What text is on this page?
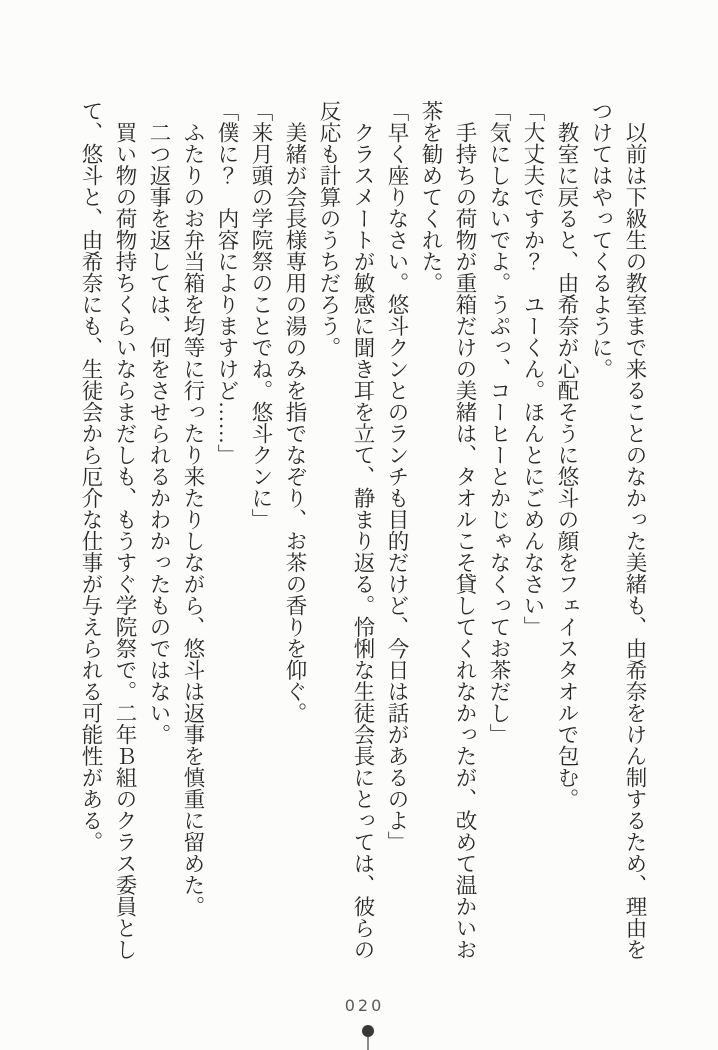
　以前は下級生の教室まで来ることのなかった美緒も、由希奈をけん制するため、理由を

つけてはやってくるように。

　教室に戻ると、由希奈が心配そうに悠斗の顔をフェイスタオルで包む。

「大丈夫ですか？　ユーくん。ほんとにごめんなさい」

「気にしないでよ。うぷっ、コーヒーとかじゃなくってお茶だし」

　手持ちの荷物が重箱だけの美緒は、タオルこそ貸してくれなかったが、改めて温かいお

茶を勧めてくれた。

「早く座りなさい。悠斗クンとのランチも目的だけど、今日は話があるのよ」

　クラスメートが敏感に聞き耳を立て、静まり返る。怜悧な生徒会長にとっては、彼らの

反応も計算のうちだろう。

　美緒が会長様専用の湯のみを指でなぞり、お茶の香りを仰ぐ。

「来月頭の学院祭のことでね。悠斗クンに」

「僕に？　内容によりますけど……」

　ふたりのお弁当箱を均等に行ったり来たりしながら、悠斗は返事を慎重に留めた。

　二つ返事を返しては、何をさせられるかわかったものではない。

　買い物の荷物持ちくらいならまだしも、もうすぐ学院祭で。二年Ｂ組のクラス委員とし

て、悠斗と、由希奈にも、生徒会から厄介な仕事が与えられる可能性がある。

020
